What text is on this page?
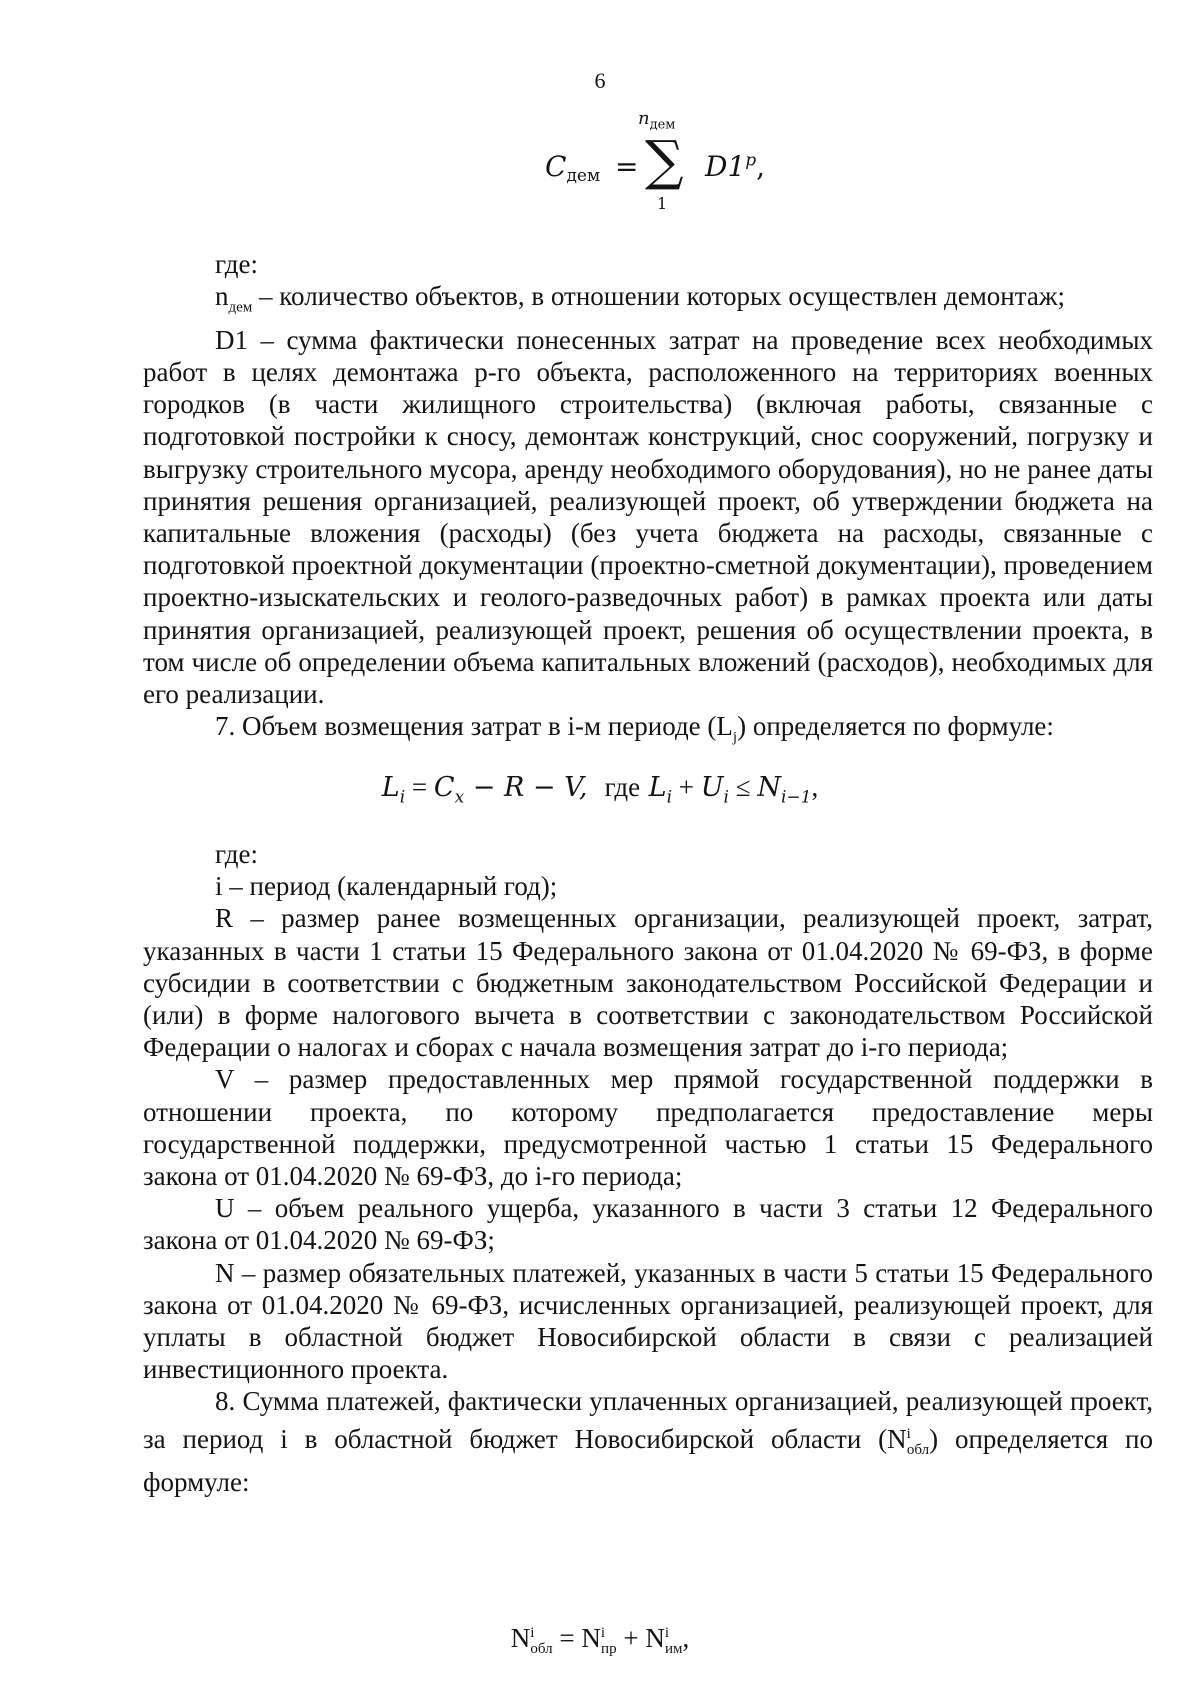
6
$C_{дем}$ =
$n_{дем}$
∑
1
D1$^p$,

где:

$n_{дем}$ – количество объектов, в отношении которых осуществлен демонтаж;

D1 – сумма фактически понесенных затрат на проведение всех необходимых работ в целях демонтажа p-го объекта, расположенного на территориях военных городков (в части жилищного строительства) (включая работы, связанные с подготовкой постройки к сносу, демонтаж конструкций, снос сооружений, погрузку и выгрузку строительного мусора, аренду необходимого оборудования), но не ранее даты принятия решения организацией, реализующей проект, об утверждении бюджета на капитальные вложения (расходы) (без учета бюджета на расходы, связанные с подготовкой проектной документации (проектно-сметной документации), проведением проектно-изыскательских и геолого-разведочных работ) в рамках проекта или даты принятия организацией, реализующей проект, решения об осуществлении проекта, в том числе об определении объема капитальных вложений (расходов), необходимых для его реализации.

7. Объем возмещения затрат в i-м периоде $(L_j)$ определяется по формуле:

$L_i = C_x - R - V$, где $L_i + U_i \le N_{i-1}$,

где:

i – период (календарный год);

R – размер ранее возмещенных организации, реализующей проект, затрат, указанных в части 1 статьи 15 Федерального закона от 01.04.2020 № 69-ФЗ, в форме субсидии в соответствии с бюджетным законодательством Российской Федерации и (или) в форме налогового вычета в соответствии с законодательством Российской Федерации о налогах и сборах с начала возмещения затрат до i-го периода;

V – размер предоставленных мер прямой государственной поддержки в отношении проекта, по которому предполагается предоставление меры государственной поддержки, предусмотренной частью 1 статьи 15 Федерального закона от 01.04.2020 № 69-ФЗ, до i-го периода;

U – объем реального ущерба, указанного в части 3 статьи 12 Федерального закона от 01.04.2020 № 69-ФЗ;

N – размер обязательных платежей, указанных в части 5 статьи 15 Федерального закона от 01.04.2020 № 69-ФЗ, исчисленных организацией, реализующей проект, для уплаты в областной бюджет Новосибирской области в связи с реализацией инвестиционного проекта.

8. Сумма платежей, фактически уплаченных организацией, реализующей проект, за период i в областной бюджет Новосибирской области $(N^i_{обл})$ определяется по формуле:

$N^i_{обл} = N^i_{пр} + N^i_{им}$,
